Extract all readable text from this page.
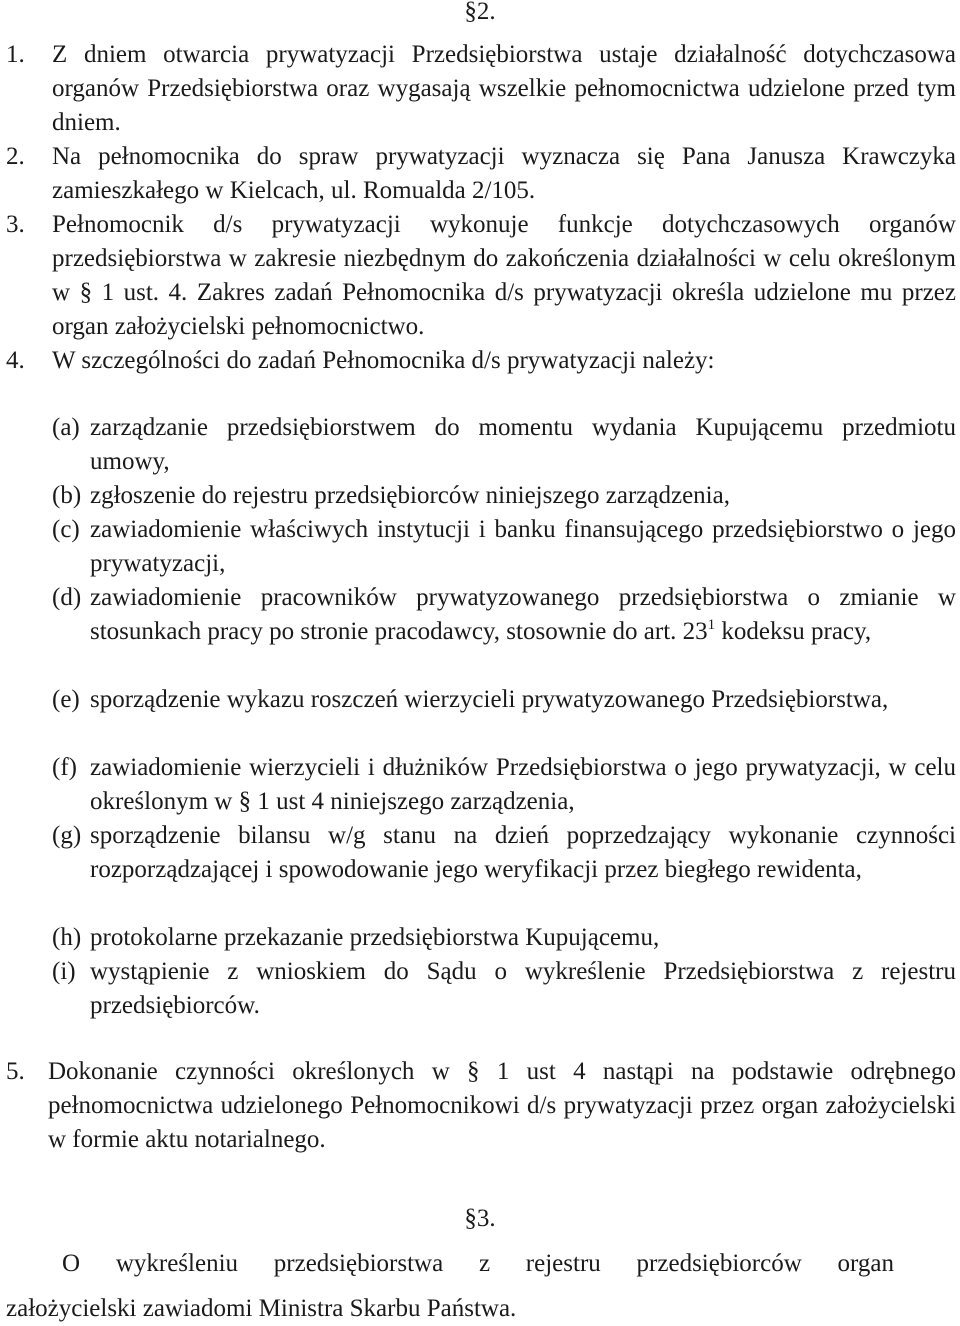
§2.
1. Z dniem otwarcia prywatyzacji Przedsiębiorstwa ustaje działalność dotychczasowa organów Przedsiębiorstwa oraz wygasają wszelkie pełnomocnictwa udzielone przed tym dniem.
2. Na pełnomocnika do spraw prywatyzacji wyznacza się Pana Janusza Krawczyka zamieszkałego w Kielcach, ul. Romualda 2/105.
3. Pełnomocnik d/s prywatyzacji wykonuje funkcje dotychczasowych organów przedsiębiorstwa w zakresie niezbędnym do zakończenia działalności w celu określonym w § 1 ust. 4. Zakres zadań Pełnomocnika d/s prywatyzacji określa udzielone mu przez organ założycielski pełnomocnictwo.
4. W szczególności do zadań Pełnomocnika d/s prywatyzacji należy:
(a) zarządzanie przedsiębiorstwem do momentu wydania Kupującemu przedmiotu umowy,
(b) zgłoszenie do rejestru przedsiębiorców niniejszego zarządzenia,
(c) zawiadomienie właściwych instytucji i banku finansującego przedsiębiorstwo o jego prywatyzacji,
(d) zawiadomienie pracowników prywatyzowanego przedsiębiorstwa o zmianie w stosunkach pracy po stronie pracodawcy, stosownie do art. $23^1$ kodeksu pracy,
(e) sporządzenie wykazu roszczeń wierzycieli prywatyzowanego Przedsiębiorstwa,
(f) zawiadomienie wierzycieli i dłużników Przedsiębiorstwa o jego prywatyzacji, w celu określonym w § 1 ust 4 niniejszego zarządzenia,
(g) sporządzenie bilansu w/g stanu na dzień poprzedzający wykonanie czynności rozporządzającej i spowodowanie jego weryfikacji przez biegłego rewidenta,
(h) protokolarne przekazanie przedsiębiorstwa Kupującemu,
(i) wystąpienie z wnioskiem do Sądu o wykreślenie Przedsiębiorstwa z rejestru przedsiębiorców.
5. Dokonanie czynności określonych w § 1 ust 4 nastąpi na podstawie odrębnego pełnomocnictwa udzielonego Pełnomocnikowi d/s prywatyzacji przez organ założycielski w formie aktu notarialnego.
§3.
O wykreśleniu przedsiębiorstwa z rejestru przedsiębiorców organ
założycielski zawiadomi Ministra Skarbu Państwa.
